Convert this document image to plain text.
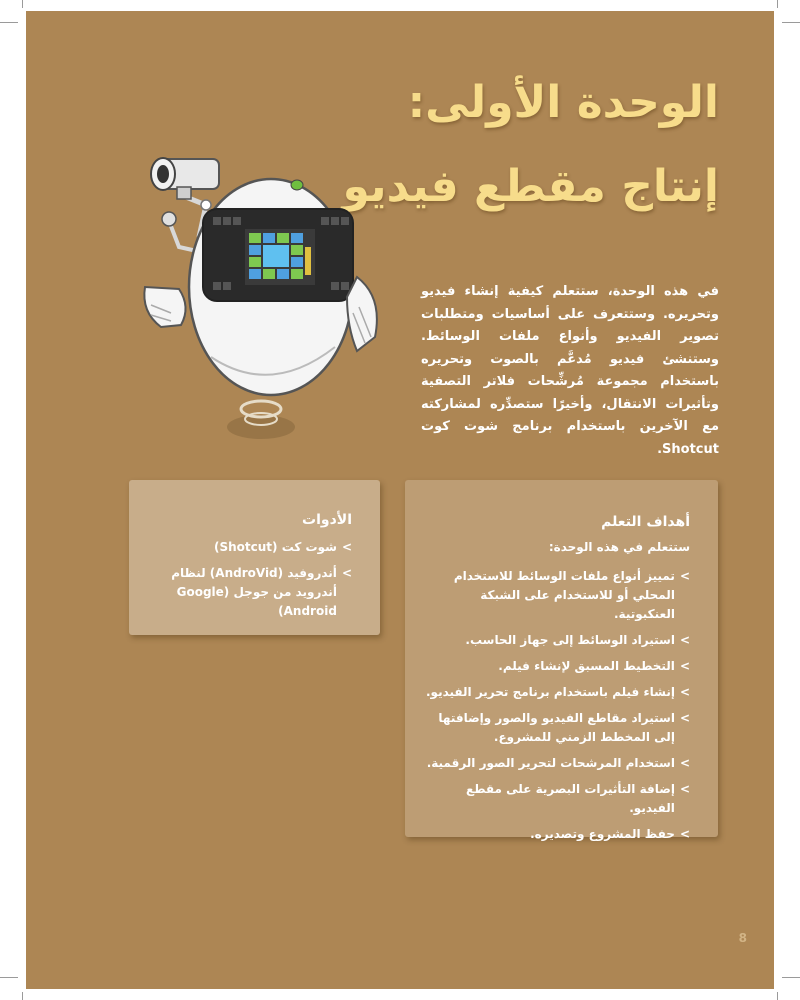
الوحدة الأولى:
إنتاج مقطع فيديو

في هذه الوحدة، ستتعلم كيفية إنشاء فيديو وتحريره. وستتعرف على أساسيات ومتطلبات تصوير الفيديو وأنواع ملفات الوسائط. وستنشئ فيديو مُدعَّم بالصوت وتحريره باستخدام مجموعة مُرشِّحات فلاتر التصفية وتأثيرات الانتقال، وأخيرًا ستصدِّره لمشاركته مع الآخرين باستخدام برنامج شوت كوت Shotcut.

أهداف التعلم

ستتعلم في هذه الوحدة:

>
تمييز أنواع ملفات الوسائط للاستخدام المحلي أو للاستخدام على الشبكة العنكبوتية.
>
استيراد الوسائط إلى جهاز الحاسب.
>
التخطيط المسبق لإنشاء فيلم.
>
إنشاء فيلم باستخدام برنامج تحرير الفيديو.
>
استيراد مقاطع الفيديو والصور وإضافتها إلى المخطط الزمني للمشروع.
>
استخدام المرشحات لتحرير الصور الرقمية.
>
إضافة التأثيرات البصرية على مقطع الفيديو.
>
حفظ المشروع وتصديره.
الأدوات
>
شوت كت (Shotcut)
>
أندروفيد (AndroVid) لنظام أندرويد من جوجل (Google Android)
8
